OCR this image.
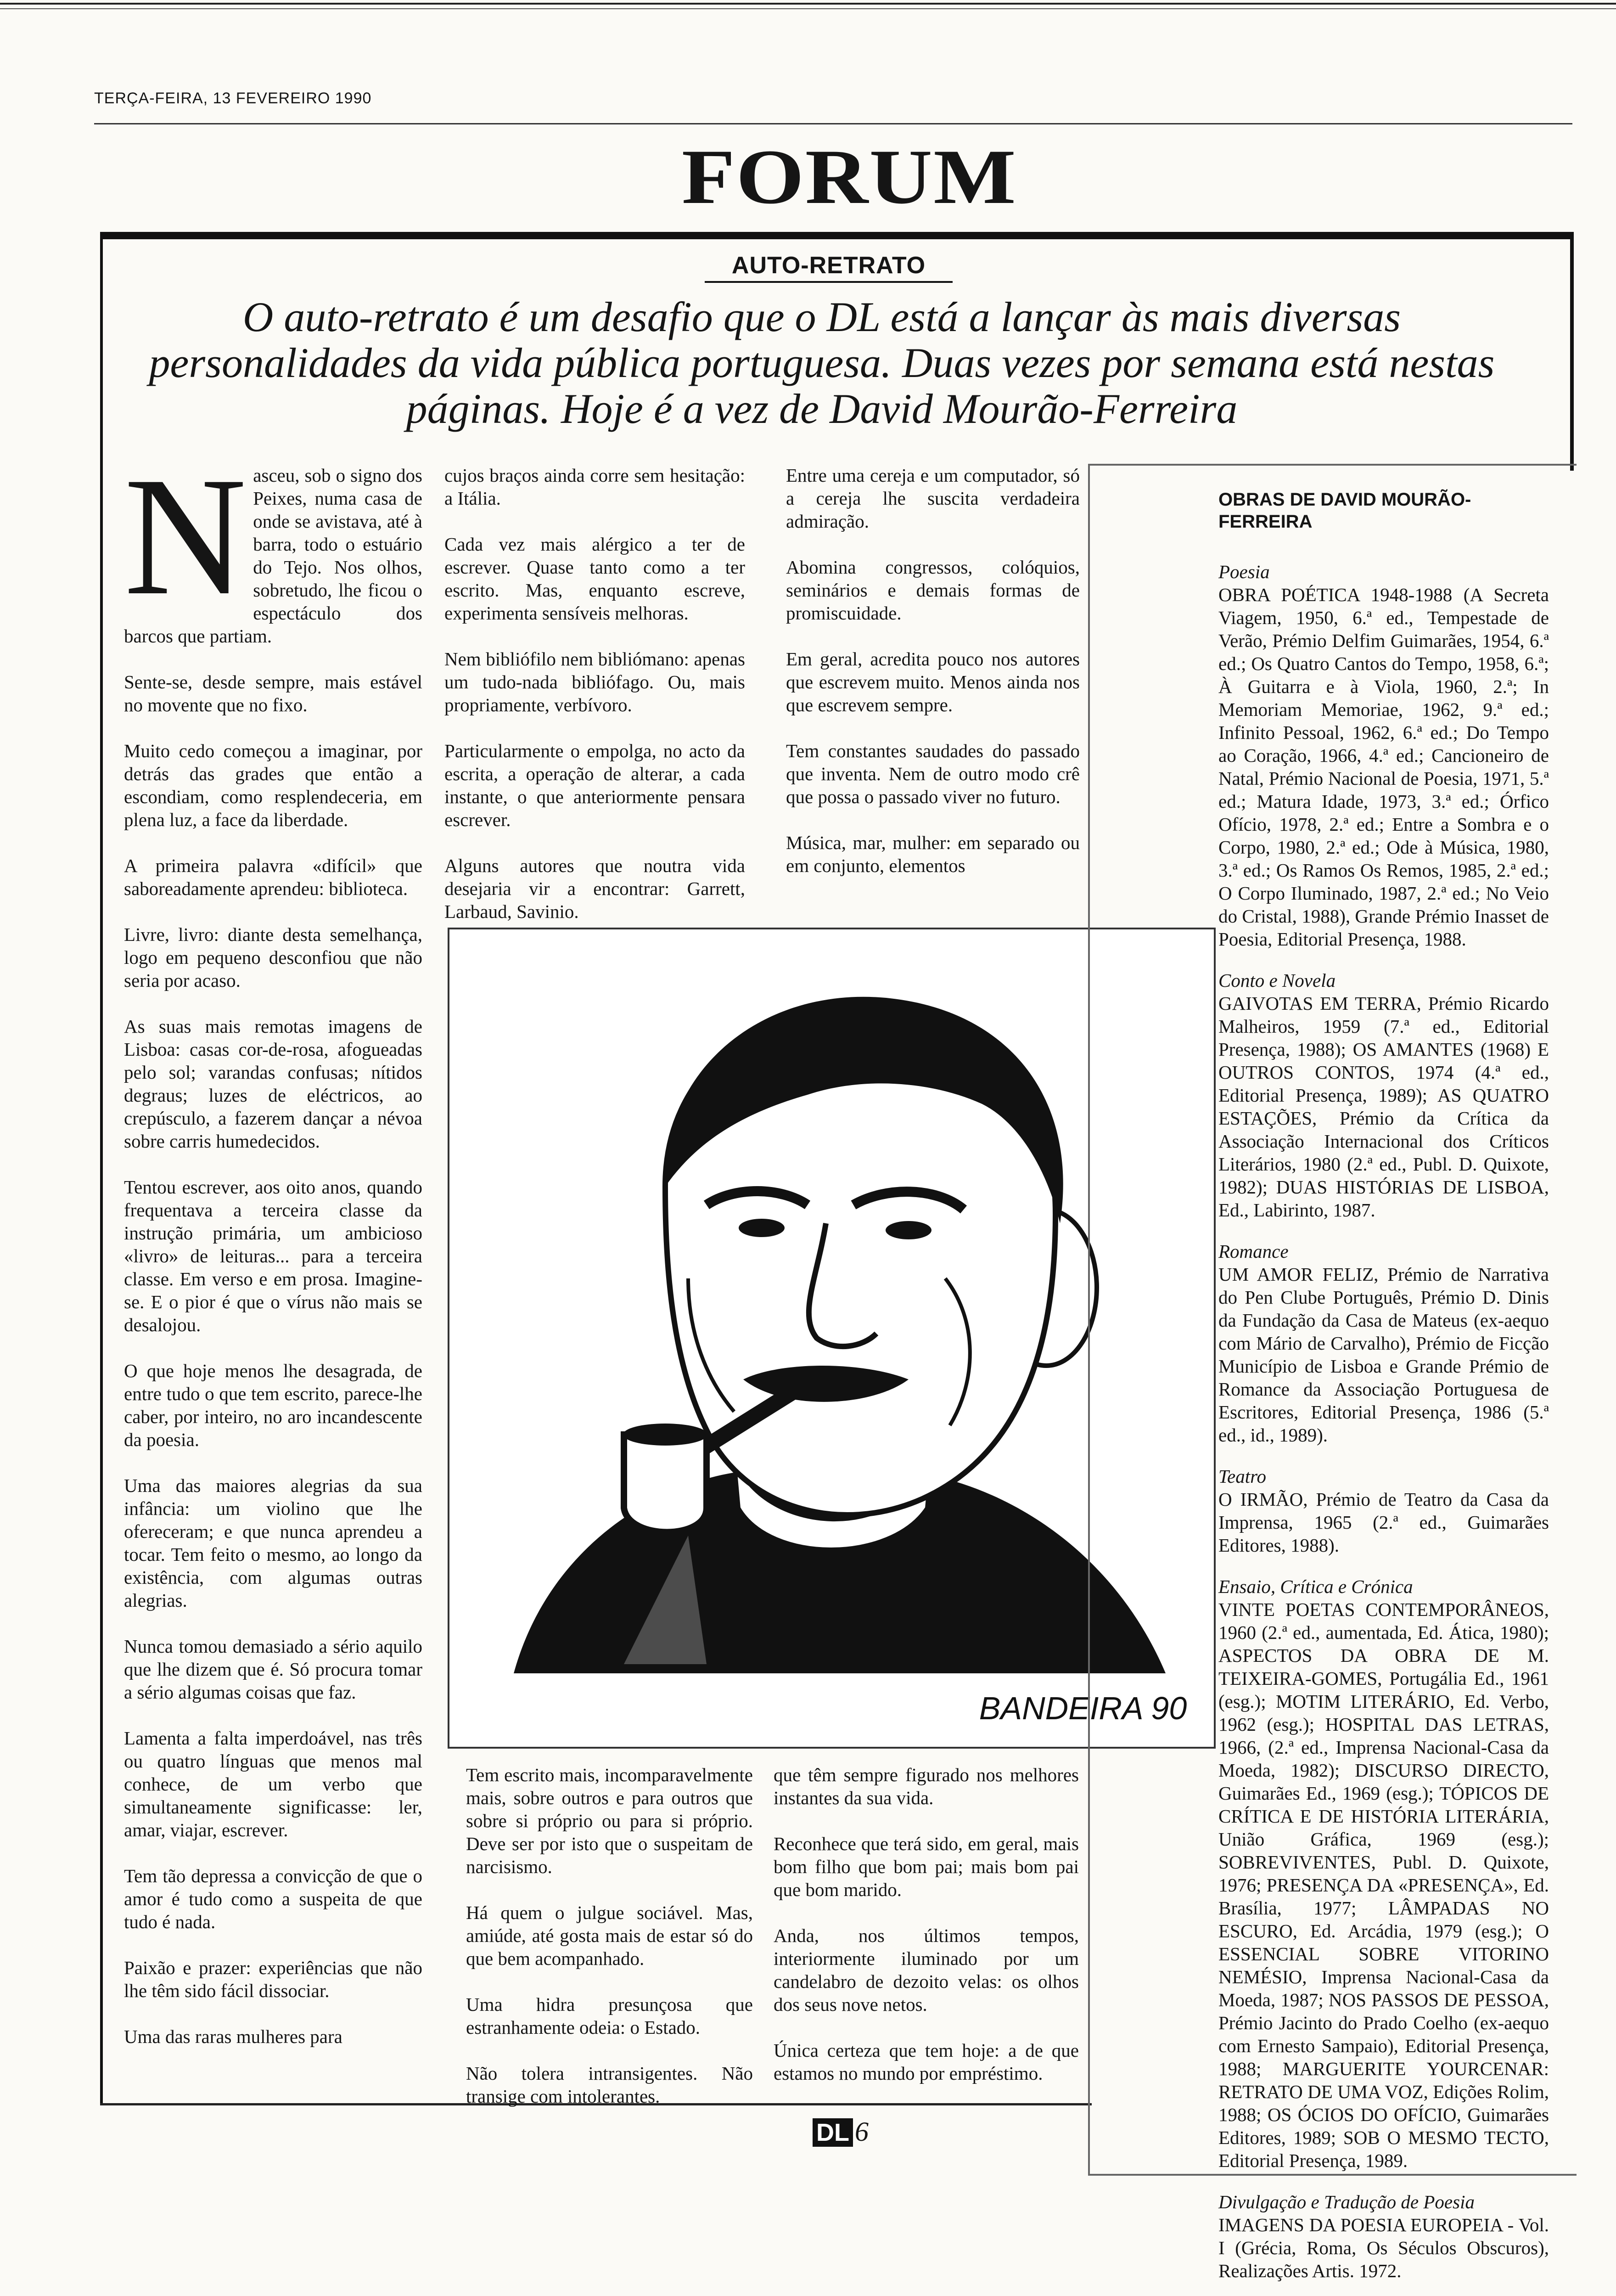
TERÇA-FEIRA, 13 FEVEREIRO 1990
FORUM
AUTO-RETRATO
O auto-retrato é um desafio que o DL está a lançar às mais diversas personalidades da vida pública portuguesa. Duas vezes por semana está nestas páginas. Hoje é a vez de David Mourão-Ferreira

Nasceu, sob o signo dos Peixes, numa casa de onde se avistava, até à barra, todo o estuário do Tejo. Nos olhos, sobretudo, lhe ficou o espectáculo dos barcos que partiam.

Sente-se, desde sempre, mais estável no movente que no fixo.

Muito cedo começou a imaginar, por detrás das grades que então a escondiam, como resplendeceria, em plena luz, a face da liberdade.

A primeira palavra «difícil» que saboreadamente aprendeu: biblioteca.

Livre, livro: diante desta semelhança, logo em pequeno desconfiou que não seria por acaso.

As suas mais remotas imagens de Lisboa: casas cor-de-rosa, afogueadas pelo sol; varandas confusas; nítidos degraus; luzes de eléctricos, ao crepúsculo, a fazerem dançar a névoa sobre carris humedecidos.

Tentou escrever, aos oito anos, quando frequentava a terceira classe da instrução primária, um ambicioso «livro» de leituras... para a terceira classe. Em verso e em prosa. Imagine-se. E o pior é que o vírus não mais se desalojou.

O que hoje menos lhe desagrada, de entre tudo o que tem escrito, parece-lhe caber, por inteiro, no aro incandescente da poesia.

Uma das maiores alegrias da sua infância: um violino que lhe ofereceram; e que nunca aprendeu a tocar. Tem feito o mesmo, ao longo da existência, com algumas outras alegrias.

Nunca tomou demasiado a sério aquilo que lhe dizem que é. Só procura tomar a sério algumas coisas que faz.

Lamenta a falta imperdoável, nas três ou quatro línguas que menos mal conhece, de um verbo que simultaneamente significasse: ler, amar, viajar, escrever.

Tem tão depressa a convicção de que o amor é tudo como a suspeita de que tudo é nada.

Paixão e prazer: experiências que não lhe têm sido fácil dissociar.

Uma das raras mulheres para

cujos braços ainda corre sem hesitação: a Itália.

Cada vez mais alérgico a ter de escrever. Quase tanto como a ter escrito. Mas, enquanto escreve, experimenta sensíveis melhoras.

Nem bibliófilo nem bibliómano: apenas um tudo-nada bibliófago. Ou, mais propriamente, verbívoro.

Particularmente o empolga, no acto da escrita, a operação de alterar, a cada instante, o que anteriormente pensara escrever.

Alguns autores que noutra vida desejaria vir a encontrar: Garrett, Larbaud, Savinio.

Entre uma cereja e um computador, só a cereja lhe suscita verdadeira admiração.

Abomina congressos, colóquios, seminários e demais formas de promiscuidade.

Em geral, acredita pouco nos autores que escrevem muito. Menos ainda nos que escrevem sempre.

Tem constantes saudades do passado que inventa. Nem de outro modo crê que possa o passado viver no futuro.

Música, mar, mulher: em separado ou em conjunto, elementos

BANDEIRA 90

Tem escrito mais, incomparavelmente mais, sobre outros e para outros que sobre si próprio ou para si próprio. Deve ser por isto que o suspeitam de narcisismo.

Há quem o julgue sociável. Mas, amiúde, até gosta mais de estar só do que bem acompanhado.

Uma hidra presunçosa que estranhamente odeia: o Estado.

Não tolera intransigentes. Não transige com intolerantes.

que têm sempre figurado nos melhores instantes da sua vida.

Reconhece que terá sido, em geral, mais bom filho que bom pai; mais bom pai que bom marido.

Anda, nos últimos tempos, interiormente iluminado por um candelabro de dezoito velas: os olhos dos seus nove netos.

Única certeza que tem hoje: a de que estamos no mundo por empréstimo.

OBRAS DE DAVID MOURÃO-FERREIRA
Poesia
OBRA POÉTICA 1948-1988 (A Secreta Viagem, 1950, 6.ª ed., Tempestade de Verão, Prémio Delfim Guimarães, 1954, 6.ª ed.; Os Quatro Cantos do Tempo, 1958, 6.ª; À Guitarra e à Viola, 1960, 2.ª; In Memoriam Memoriae, 1962, 9.ª ed.; Infinito Pessoal, 1962, 6.ª ed.; Do Tempo ao Coração, 1966, 4.ª ed.; Cancioneiro de Natal, Prémio Nacional de Poesia, 1971, 5.ª ed.; Matura Idade, 1973, 3.ª ed.; Órfico Ofício, 1978, 2.ª ed.; Entre a Sombra e o Corpo, 1980, 2.ª ed.; Ode à Música, 1980, 3.ª ed.; Os Ramos Os Remos, 1985, 2.ª ed.; O Corpo Iluminado, 1987, 2.ª ed.; No Veio do Cristal, 1988), Grande Prémio Inasset de Poesia, Editorial Presença, 1988.
Conto e Novela
GAIVOTAS EM TERRA, Prémio Ricardo Malheiros, 1959 (7.ª ed., Editorial Presença, 1988); OS AMANTES (1968) E OUTROS CONTOS, 1974 (4.ª ed., Editorial Presença, 1989); AS QUATRO ESTAÇÕES, Prémio da Crítica da Associação Internacional dos Críticos Literários, 1980 (2.ª ed., Publ. D. Quixote, 1982); DUAS HISTÓRIAS DE LISBOA, Ed., Labirinto, 1987.
Romance
UM AMOR FELIZ, Prémio de Narrativa do Pen Clube Português, Prémio D. Dinis da Fundação da Casa de Mateus (ex-aequo com Mário de Carvalho), Prémio de Ficção Município de Lisboa e Grande Prémio de Romance da Associação Portuguesa de Escritores, Editorial Presença, 1986 (5.ª ed., id., 1989).
Teatro
O IRMÃO, Prémio de Teatro da Casa da Imprensa, 1965 (2.ª ed., Guimarães Editores, 1988).
Ensaio, Crítica e Crónica
VINTE POETAS CONTEMPORÂNEOS, 1960 (2.ª ed., aumentada, Ed. Ática, 1980); ASPECTOS DA OBRA DE M. TEIXEIRA-GOMES, Portugália Ed., 1961 (esg.); MOTIM LITERÁRIO, Ed. Verbo, 1962 (esg.); HOSPITAL DAS LETRAS, 1966, (2.ª ed., Imprensa Nacional-Casa da Moeda, 1982); DISCURSO DIRECTO, Guimarães Ed., 1969 (esg.); TÓPICOS DE CRÍTICA E DE HISTÓRIA LITERÁRIA, União Gráfica, 1969 (esg.); SOBREVIVENTES, Publ. D. Quixote, 1976; PRESENÇA DA «PRESENÇA», Ed. Brasília, 1977; LÂMPADAS NO ESCURO, Ed. Arcádia, 1979 (esg.); O ESSENCIAL SOBRE VITORINO NEMÉSIO, Imprensa Nacional-Casa da Moeda, 1987; NOS PASSOS DE PESSOA, Prémio Jacinto do Prado Coelho (ex-aequo com Ernesto Sampaio), Editorial Presença, 1988; MARGUERITE YOURCENAR: RETRATO DE UMA VOZ, Edições Rolim, 1988; OS ÓCIOS DO OFÍCIO, Guimarães Editores, 1989; SOB O MESMO TECTO, Editorial Presença, 1989.
Divulgação e Tradução de Poesia
IMAGENS DA POESIA EUROPEIA - Vol. I (Grécia, Roma, Os Séculos Obscuros), Realizações Artis. 1972.
DL 6
